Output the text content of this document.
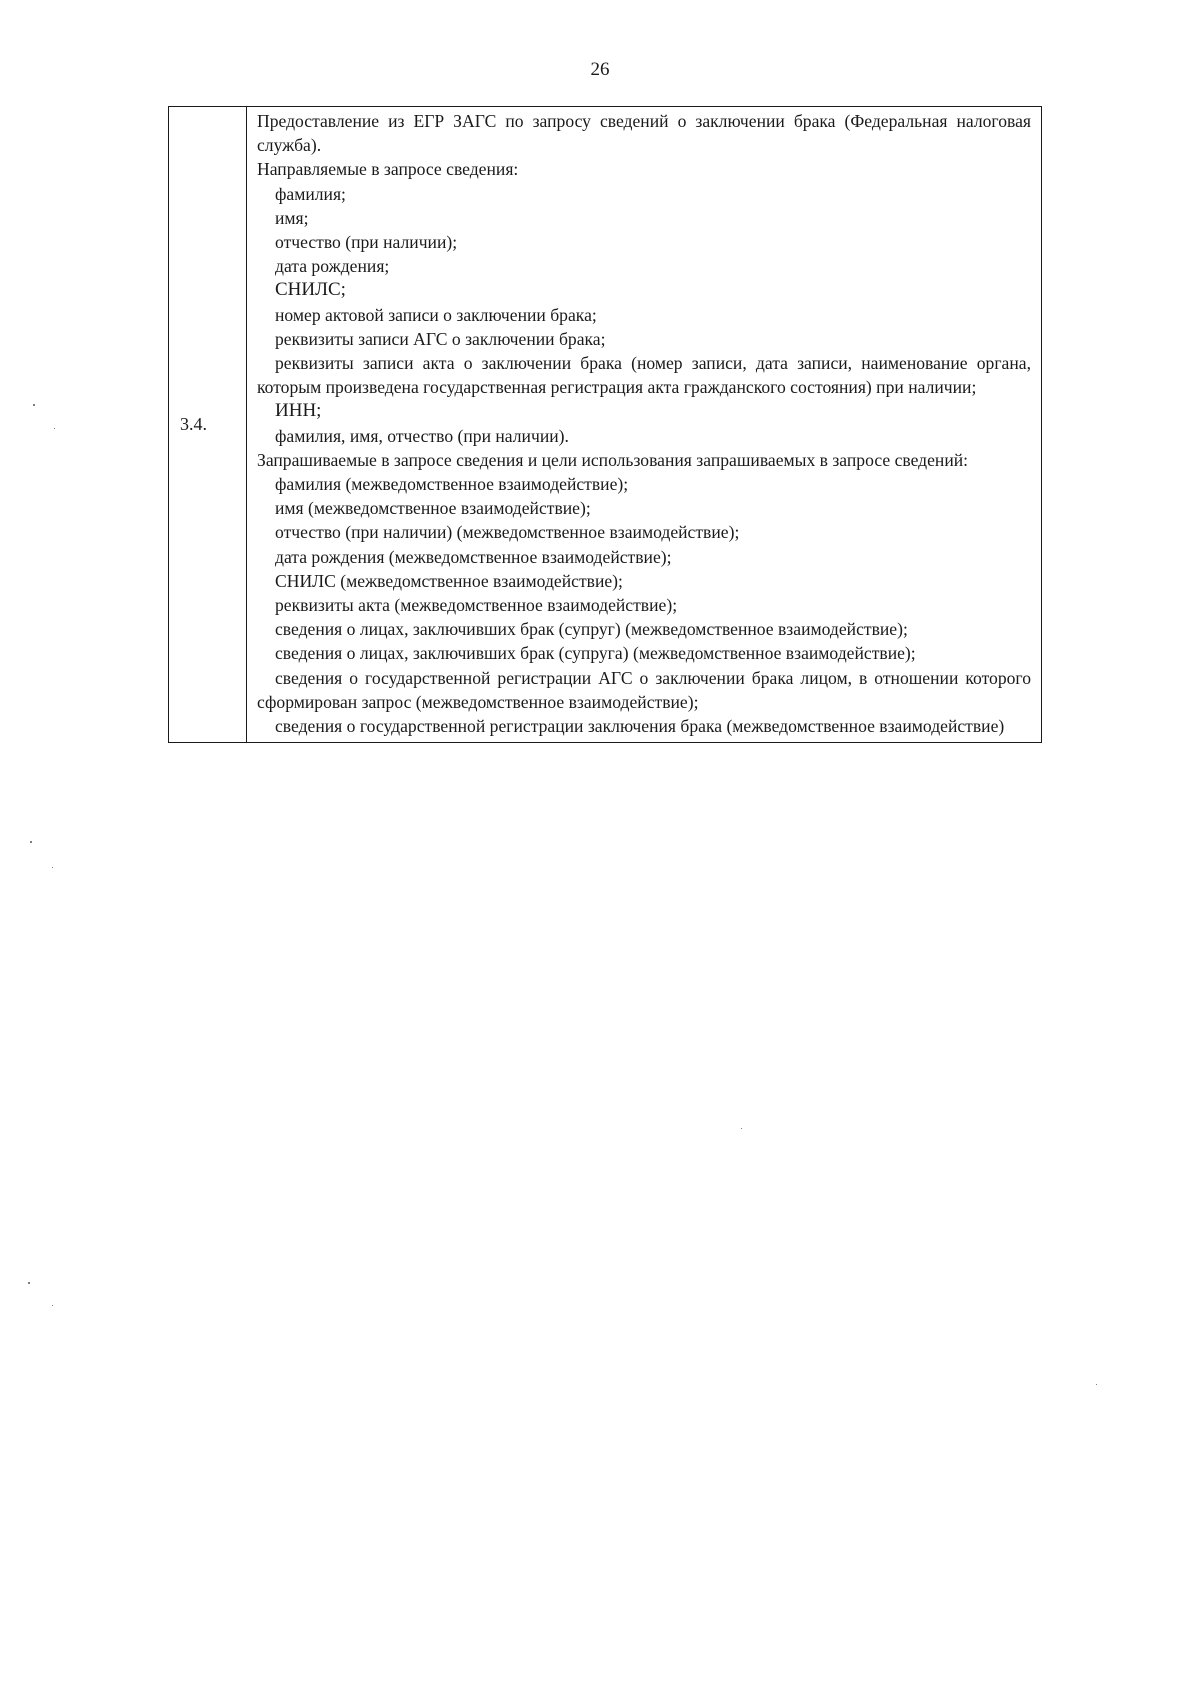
26
3.4.
Предоставление из ЕГР ЗАГС по запросу сведений о заключении брака (Федеральная налоговая служба).
Направляемые в запросе сведения:
фамилия;
имя;
отчество (при наличии);
дата рождения;
СНИЛС;
номер актовой записи о заключении брака;
реквизиты записи АГС о заключении брака;
реквизиты записи акта о заключении брака (номер записи, дата записи, наименование органа, которым произведена государственная регистрация акта гражданского состояния) при наличии;
ИНН;
фамилия, имя, отчество (при наличии).
Запрашиваемые в запросе сведения и цели использования запрашиваемых в запросе сведений:
фамилия (межведомственное взаимодействие);
имя (межведомственное взаимодействие);
отчество (при наличии) (межведомственное взаимодействие);
дата рождения (межведомственное взаимодействие);
СНИЛС (межведомственное взаимодействие);
реквизиты акта (межведомственное взаимодействие);
сведения о лицах, заключивших брак (супруг) (межведомственное взаимодействие);
сведения о лицах, заключивших брак (супруга) (межведомственное взаимодействие);
сведения о государственной регистрации АГС о заключении брака лицом, в отношении которого сформирован запрос (межведомственное взаимодействие);
сведения о государственной регистрации заключения брака (межведомственное взаимодействие)
